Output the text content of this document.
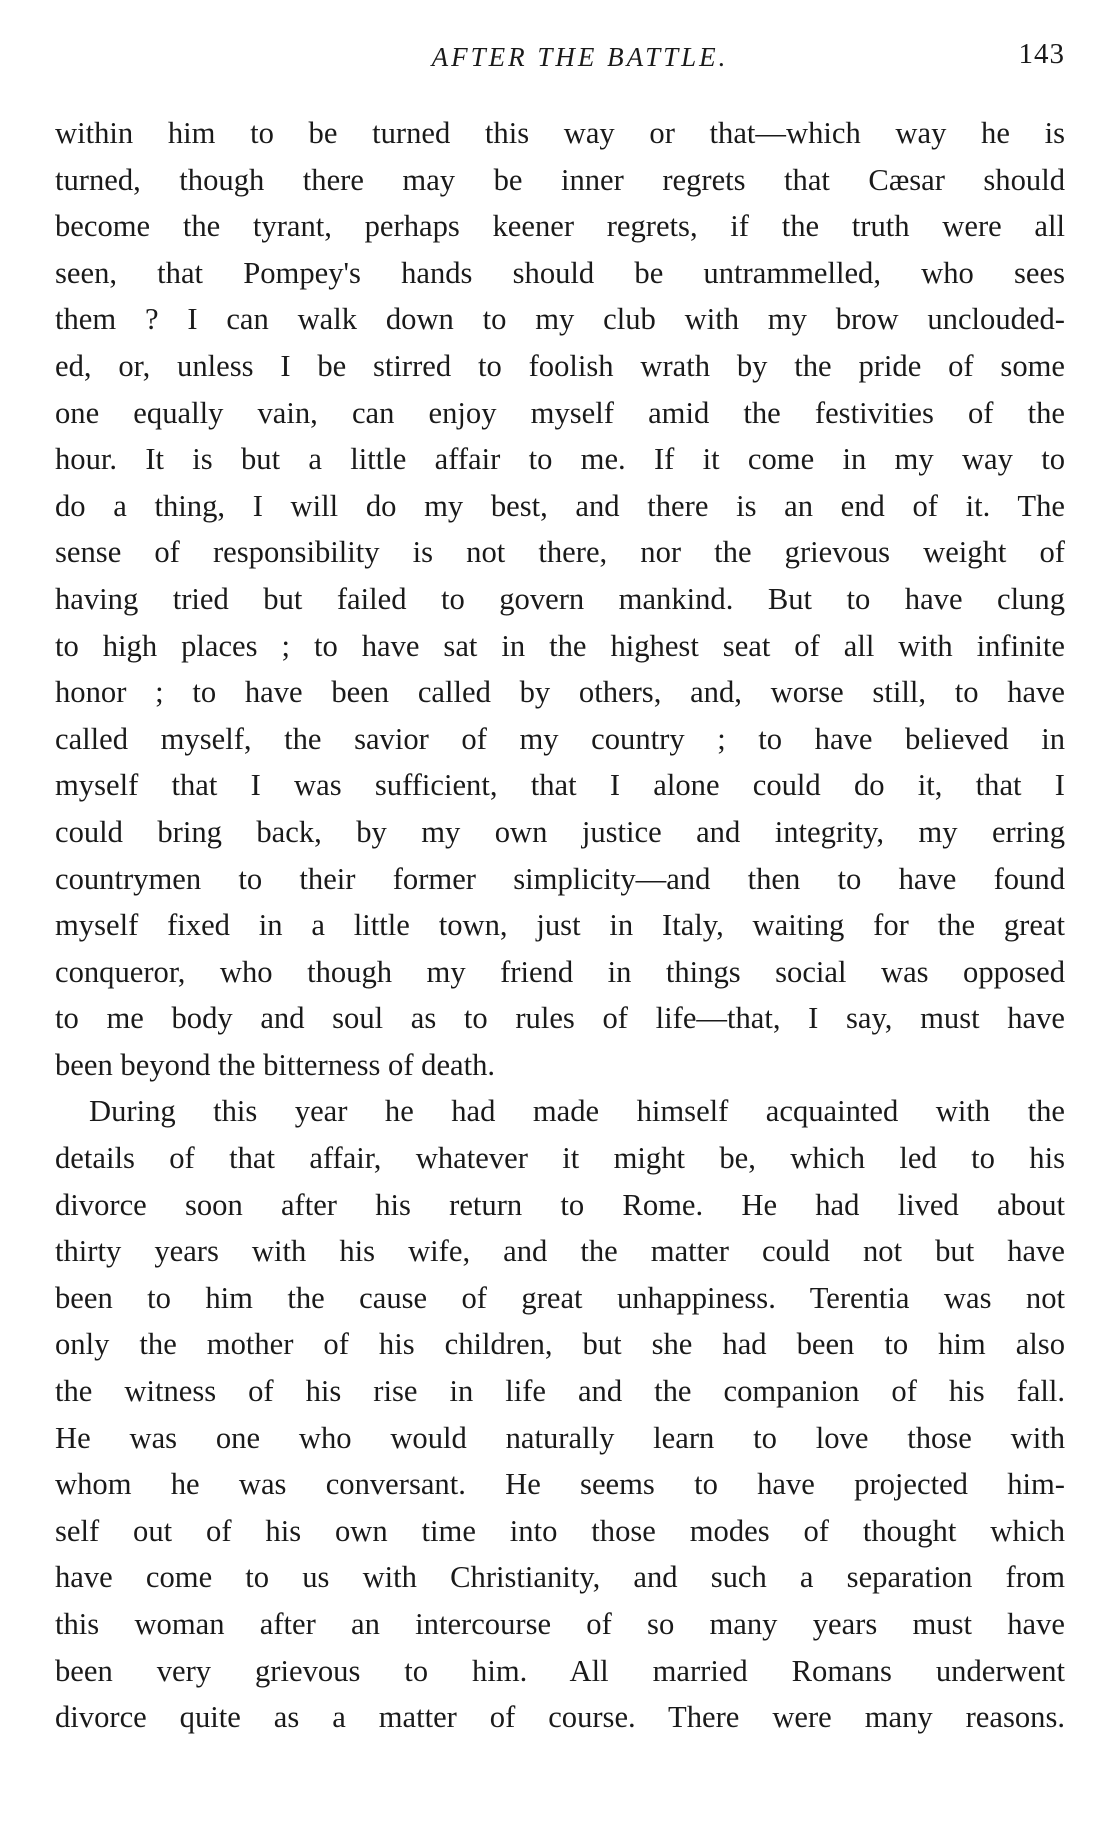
AFTER THE BATTLE.	143
within him to be turned this way or that—which way he is
turned, though there may be inner regrets that Cæsar should
become the tyrant, perhaps keener regrets, if the truth were all
seen, that Pompey's hands should be untrammelled, who sees
them ? I can walk down to my club with my brow unclouded-
ed, or, unless I be stirred to foolish wrath by the pride of some
one equally vain, can enjoy myself amid the festivities of the
hour. It is but a little affair to me. If it come in my way to
do a thing, I will do my best, and there is an end of it. The
sense of responsibility is not there, nor the grievous weight of
having tried but failed to govern mankind. But to have clung
to high places ; to have sat in the highest seat of all with infinite
honor ; to have been called by others, and, worse still, to have
called myself, the savior of my country ; to have believed in
myself that I was sufficient, that I alone could do it, that I
could bring back, by my own justice and integrity, my erring
countrymen to their former simplicity—and then to have found
myself fixed in a little town, just in Italy, waiting for the great
conqueror, who though my friend in things social was opposed
to me body and soul as to rules of life—that, I say, must have
been beyond the bitterness of death.
During this year he had made himself acquainted with the
details of that affair, whatever it might be, which led to his
divorce soon after his return to Rome. He had lived about
thirty years with his wife, and the matter could not but have
been to him the cause of great unhappiness. Terentia was not
only the mother of his children, but she had been to him also
the witness of his rise in life and the companion of his fall.
He was one who would naturally learn to love those with
whom he was conversant. He seems to have projected him-
self out of his own time into those modes of thought which
have come to us with Christianity, and such a separation from
this woman after an intercourse of so many years must have
been very grievous to him. All married Romans underwent
divorce quite as a matter of course. There were many reasons.
